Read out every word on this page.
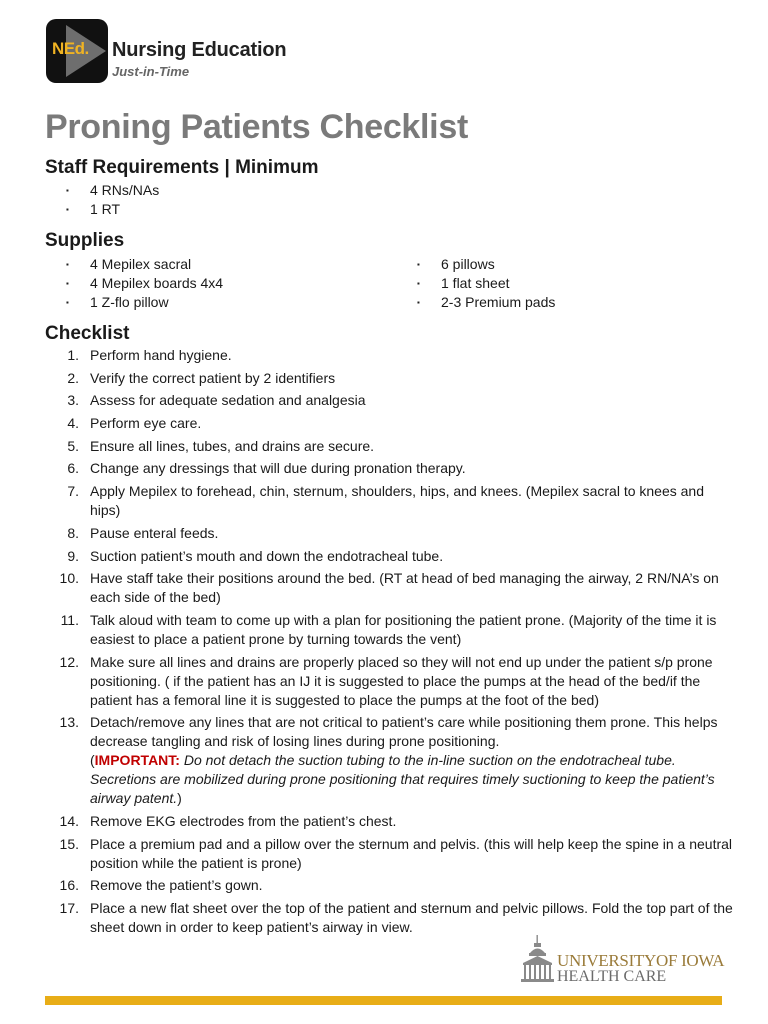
NEd. Nursing Education
Just-in-Time
Proning Patients Checklist
Staff Requirements | Minimum
▪ 4 RNs/NAs
▪ 1 RT
Supplies
▪ 4 Mepilex sacral
▪ 4 Mepilex boards 4x4
▪ 1 Z-flo pillow
▪ 6 pillows
▪ 1 flat sheet
▪ 2-3 Premium pads
Checklist
1. Perform hand hygiene.
2. Verify the correct patient by 2 identifiers
3. Assess for adequate sedation and analgesia
4. Perform eye care.
5. Ensure all lines, tubes, and drains are secure.
6. Change any dressings that will due during pronation therapy.
7. Apply Mepilex to forehead, chin, sternum, shoulders, hips, and knees. (Mepilex sacral to knees and hips)
8. Pause enteral feeds.
9. Suction patient’s mouth and down the endotracheal tube.
10. Have staff take their positions around the bed. (RT at head of bed managing the airway, 2 RN/NA’s on each side of the bed)
11. Talk aloud with team to come up with a plan for positioning the patient prone. (Majority of the time it is easiest to place a patient prone by turning towards the vent)
12. Make sure all lines and drains are properly placed so they will not end up under the patient s/p prone positioning. ( if the patient has an IJ it is suggested to place the pumps at the head of the bed/if the patient has a femoral line it is suggested to place the pumps at the foot of the bed)
13. Detach/remove any lines that are not critical to patient’s care while positioning them prone. This helps decrease tangling and risk of losing lines during prone positioning.
(IMPORTANT: Do not detach the suction tubing to the in-line suction on the endotracheal tube. Secretions are mobilized during prone positioning that requires timely suctioning to keep the patient’s airway patent.)
14. Remove EKG electrodes from the patient’s chest.
15. Place a premium pad and a pillow over the sternum and pelvis. (this will help keep the spine in a neutral position while the patient is prone)
16. Remove the patient’s gown.
17. Place a new flat sheet over the top of the patient and sternum and pelvic pillows. Fold the top part of the sheet down in order to keep patient’s airway in view.
UNIVERSITYOF IOWA
HEALTH CARE
